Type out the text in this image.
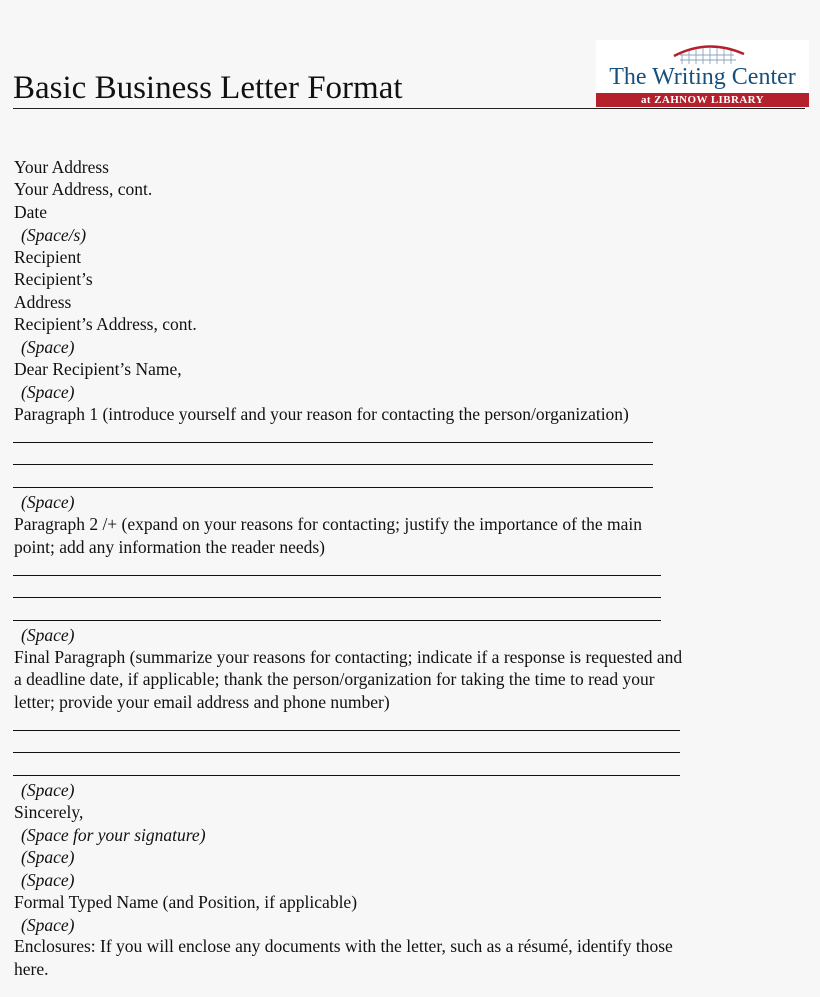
Basic Business Letter Format	The Writing Center
at ZAHNOW LIBRARY
Your Address
Your Address, cont.
Date
(Space/s)
Recipient
Recipient’s
Address
Recipient’s Address, cont.
(Space)
Dear Recipient’s Name,
(Space)
Paragraph 1 (introduce yourself and your reason for contacting the person/organization)
(Space)
Paragraph 2 /+ (expand on your reasons for contacting; justify the importance of the main
point; add any information the reader needs)
(Space)
Final Paragraph (summarize your reasons for contacting; indicate if a response is requested and
a deadline date, if applicable; thank the person/organization for taking the time to read your
letter; provide your email address and phone number)
(Space)
Sincerely,
(Space for your signature)
(Space)
(Space)
Formal Typed Name (and Position, if applicable)
(Space)
Enclosures: If you will enclose any documents with the letter, such as a résumé, identify those
here.
